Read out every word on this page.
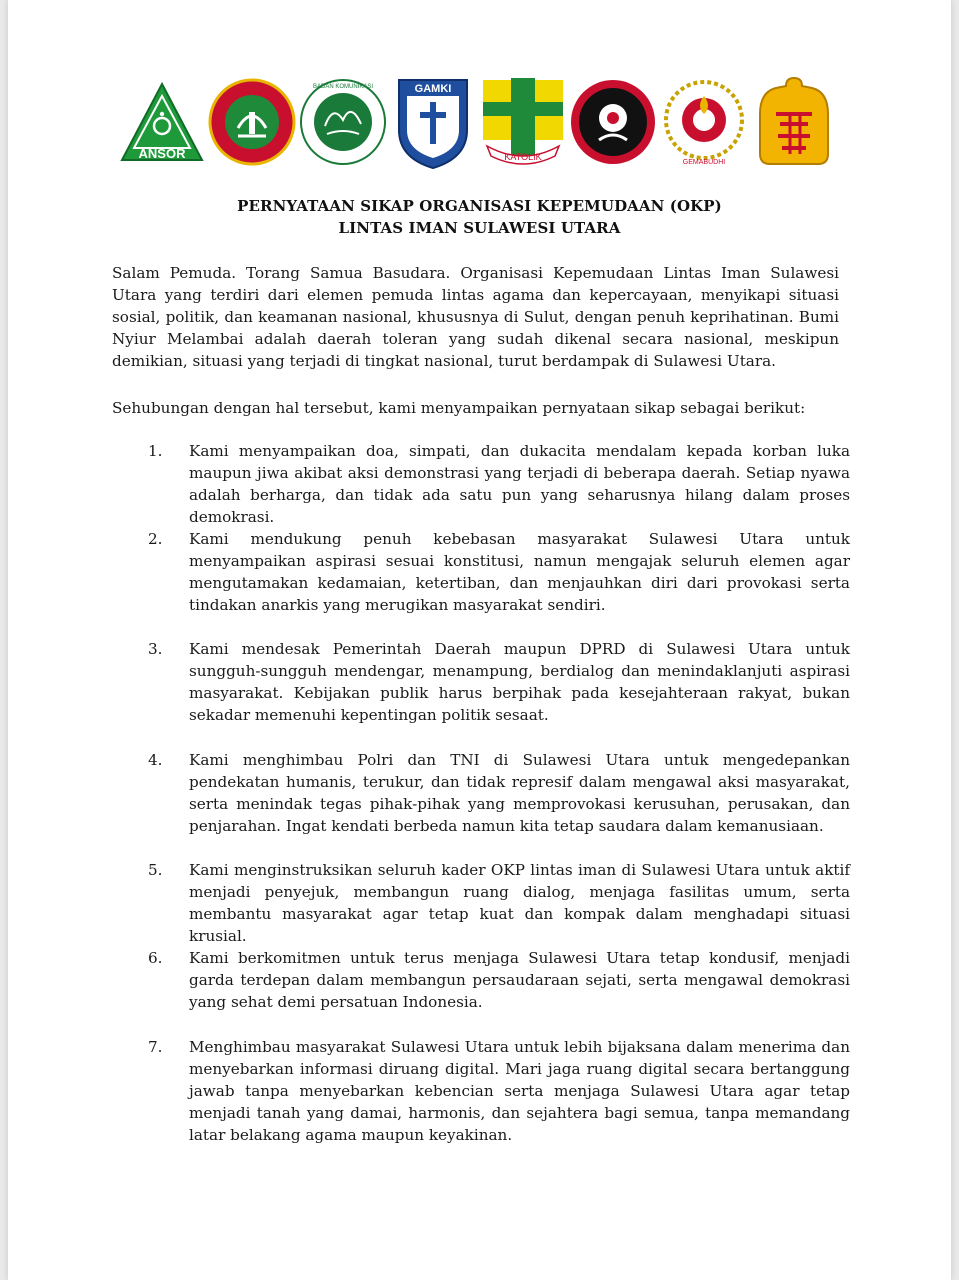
ANSOR
BADAN KOMUNIKASI	GAMKI
KATOLIK
GEMABUDHI
PERNYATAAN SIKAP ORGANISASI KEPEMUDAAN (OKP)
LINTAS IMAN SULAWESI UTARA
Salam Pemuda. Torang Samua Basudara. Organisasi Kepemudaan Lintas Iman Sulawesi Utara yang terdiri dari elemen pemuda lintas agama dan kepercayaan, menyikapi situasi sosial, politik, dan keamanan nasional, khususnya di Sulut, dengan penuh keprihatinan. Bumi Nyiur Melambai adalah daerah toleran yang sudah dikenal secara nasional, meskipun demikian, situasi yang terjadi di tingkat nasional, turut berdampak di Sulawesi Utara.
Sehubungan dengan hal tersebut, kami menyampaikan pernyataan sikap sebagai berikut:
1.	Kami menyampaikan doa, simpati, dan dukacita mendalam kepada korban luka maupun jiwa akibat aksi demonstrasi yang terjadi di beberapa daerah. Setiap nyawa adalah berharga, dan tidak ada satu pun yang seharusnya hilang dalam proses demokrasi.
2.	Kami mendukung penuh kebebasan masyarakat Sulawesi Utara untuk menyampaikan aspirasi sesuai konstitusi, namun mengajak seluruh elemen agar mengutamakan kedamaian, ketertiban, dan menjauhkan diri dari provokasi serta tindakan anarkis yang merugikan masyarakat sendiri.
3.	Kami mendesak Pemerintah Daerah maupun DPRD di Sulawesi Utara untuk sungguh-sungguh mendengar, menampung, berdialog dan menindaklanjuti aspirasi masyarakat. Kebijakan publik harus berpihak pada kesejahteraan rakyat, bukan sekadar memenuhi kepentingan politik sesaat.
4.	Kami menghimbau Polri dan TNI di Sulawesi Utara untuk mengedepankan pendekatan humanis, terukur, dan tidak represif dalam mengawal aksi masyarakat, serta menindak tegas pihak-pihak yang memprovokasi kerusuhan, perusakan, dan penjarahan. Ingat kendati berbeda namun kita tetap saudara dalam kemanusiaan.
5.	Kami menginstruksikan seluruh kader OKP lintas iman di Sulawesi Utara untuk aktif menjadi penyejuk, membangun ruang dialog, menjaga fasilitas umum, serta membantu masyarakat agar tetap kuat dan kompak dalam menghadapi situasi krusial.
6.	Kami berkomitmen untuk terus menjaga Sulawesi Utara tetap kondusif, menjadi garda terdepan dalam membangun persaudaraan sejati, serta mengawal demokrasi yang sehat demi persatuan Indonesia.
7.	Menghimbau masyarakat Sulawesi Utara untuk lebih bijaksana dalam menerima dan menyebarkan informasi diruang digital. Mari jaga ruang digital secara bertanggung jawab tanpa menyebarkan kebencian serta menjaga Sulawesi Utara agar tetap menjadi tanah yang damai, harmonis, dan sejahtera bagi semua, tanpa memandang latar belakang agama maupun keyakinan.
